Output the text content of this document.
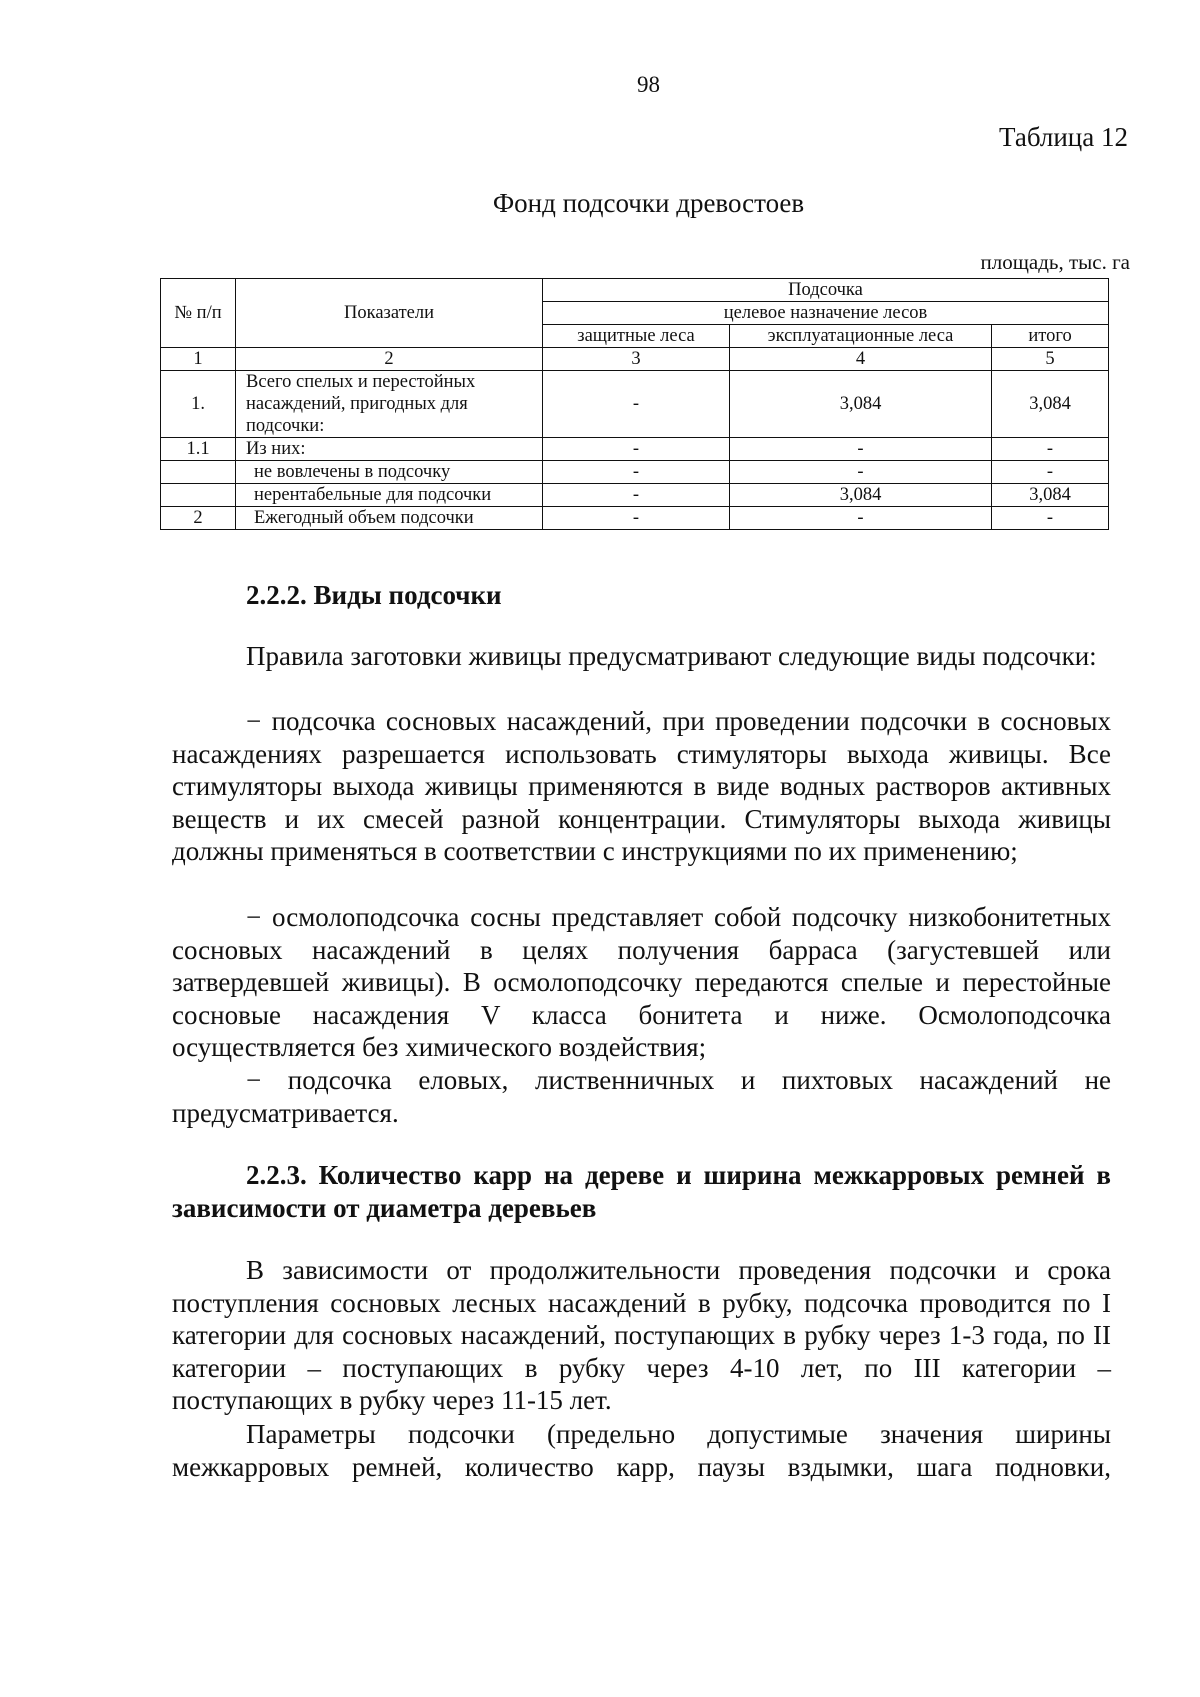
98
Таблица 12
Фонд подсочки древостоев
площадь, тыс. га
№ п/п	Показатели	Подсочка		
		целевое назначение лесов		
		защитные леса	эксплуатационные леса	итого
1	2	3	4	5
1.	Всего спелых и перестойных насаждений, пригодных для подсочки:	-	3,084	3,084
1.1	Из них:	-	-	-
	не вовлечены в подсочку	-	-	-
	нерентабельные для подсочки	-	3,084	3,084
2	Ежегодный объем подсочки	-	-	-
2.2.2. Виды подсочки
Правила заготовки живицы предусматривают следующие виды подсочки:
− подсочка сосновых насаждений, при проведении подсочки в сосновых насаждениях разрешается использовать стимуляторы выхода живицы. Все стимуляторы выхода живицы применяются в виде водных растворов активных веществ и их смесей разной концентрации. Стимуляторы выхода живицы должны применяться в соответствии с инструкциями по их применению;
− осмолоподсочка сосны представляет собой подсочку низкобонитетных сосновых насаждений в целях получения барраса (загустевшей или затвердевшей живицы). В осмолоподсочку передаются спелые и перестойные сосновые насаждения V класса бонитета и ниже. Осмолоподсочка осуществляется без химического воздействия;
− подсочка еловых, лиственничных и пихтовых насаждений не предусматривается.
2.2.3. Количество карр на дереве и ширина межкарровых ремней в зависимости от диаметра деревьев
В зависимости от продолжительности проведения подсочки и срока поступления сосновых лесных насаждений в рубку, подсочка проводится по I категории для сосновых насаждений, поступающих в рубку через 1-3 года, по II категории – поступающих в рубку через 4-10 лет, по III категории – поступающих в рубку через 11-15 лет.
Параметры подсочки (предельно допустимые значения ширины межкарровых ремней, количество карр, паузы вздымки, шага подновки,
